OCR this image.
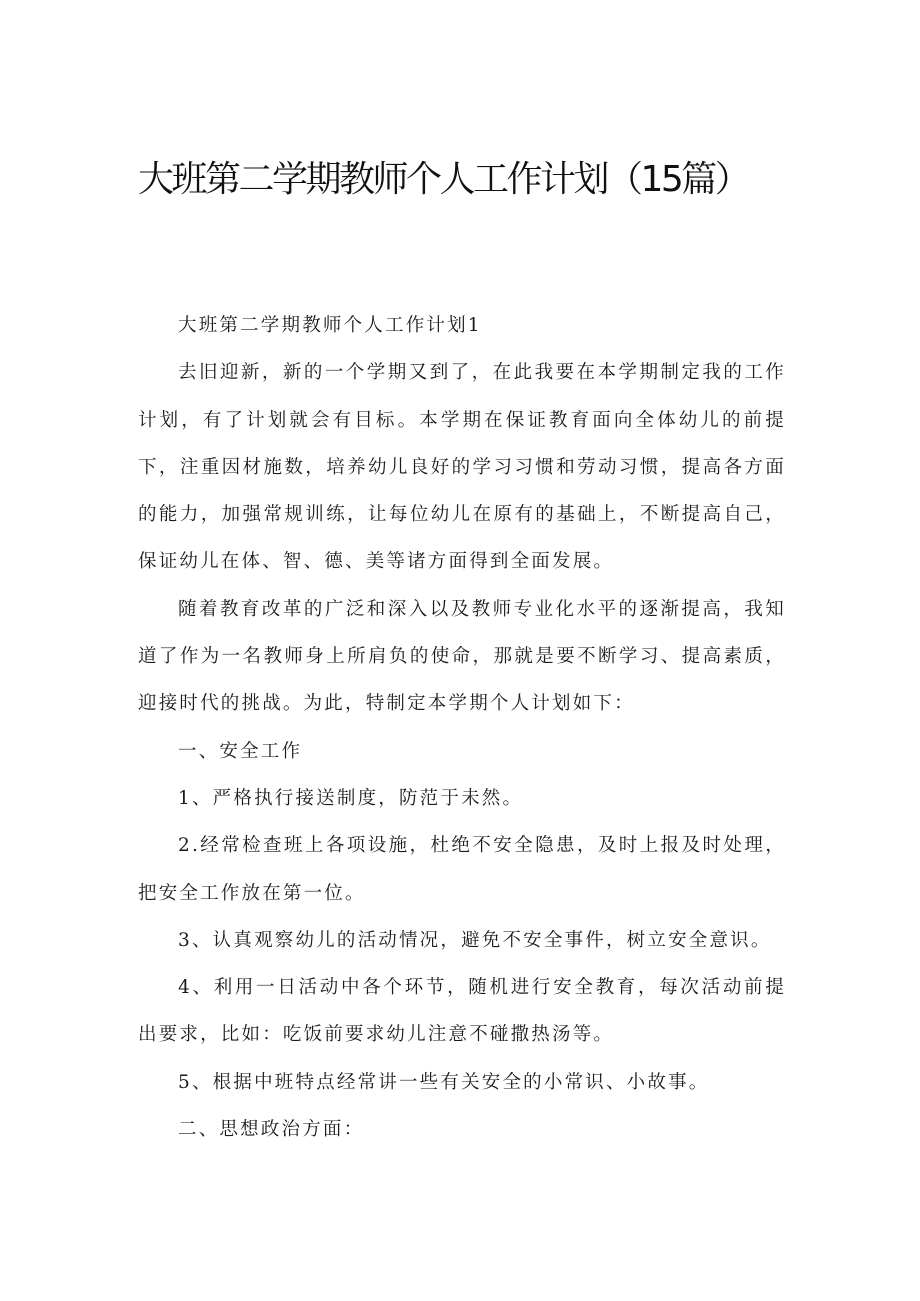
大班第二学期教师个人工作计划（15篇）

大班第二学期教师个人工作计划1

去旧迎新，新的一个学期又到了，在此我要在本学期制定我的工作计划，有了计划就会有目标。本学期在保证教育面向全体幼儿的前提下，注重因材施数，培养幼儿良好的学习习惯和劳动习惯，提高各方面的能力，加强常规训练，让每位幼儿在原有的基础上，不断提高自己，保证幼儿在体、智、德、美等诸方面得到全面发展。

随着教育改革的广泛和深入以及教师专业化水平的逐渐提高，我知道了作为一名教师身上所肩负的使命，那就是要不断学习、提高素质，迎接时代的挑战。为此，特制定本学期个人计划如下：

一、安全工作

1、严格执行接送制度，防范于未然。

2.经常检查班上各项设施，杜绝不安全隐患，及时上报及时处理，把安全工作放在第一位。

3、认真观察幼儿的活动情况，避免不安全事件，树立安全意识。

4、利用一日活动中各个环节，随机进行安全教育，每次活动前提出要求，比如：吃饭前要求幼儿注意不碰撒热汤等。

5、根据中班特点经常讲一些有关安全的小常识、小故事。

二、思想政治方面：
